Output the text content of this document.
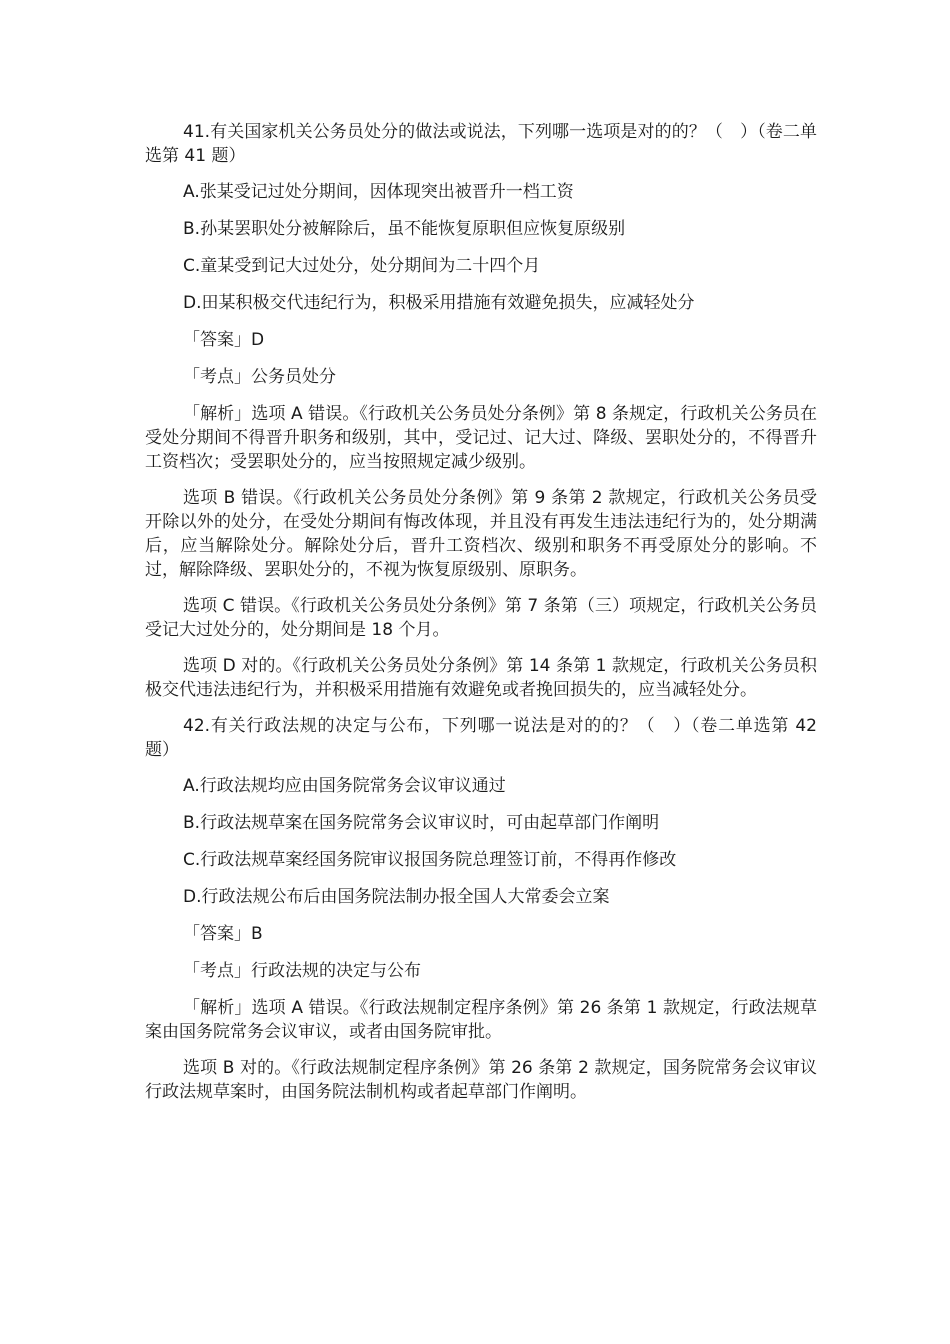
41.有关国家机关公务员处分的做法或说法，下列哪一选项是对的的？（　）（卷二单选第 41 题）

A.张某受记过处分期间，因体现突出被晋升一档工资
B.孙某罢职处分被解除后，虽不能恢复原职但应恢复原级别
C.童某受到记大过处分，处分期间为二十四个月
D.田某积极交代违纪行为，积极采用措施有效避免损失，应减轻处分
「答案」D
「考点」公务员处分

「解析」选项 A 错误。《行政机关公务员处分条例》第 8 条规定，行政机关公务员在受处分期间不得晋升职务和级别，其中，受记过、记大过、降级、罢职处分的，不得晋升工资档次；受罢职处分的，应当按照规定减少级别。

选项 B 错误。《行政机关公务员处分条例》第 9 条第 2 款规定，行政机关公务员受开除以外的处分，在受处分期间有悔改体现，并且没有再发生违法违纪行为的，处分期满后，应当解除处分。解除处分后，晋升工资档次、级别和职务不再受原处分的影响。不过，解除降级、罢职处分的，不视为恢复原级别、原职务。

选项 C 错误。《行政机关公务员处分条例》第 7 条第（三）项规定，行政机关公务员受记大过处分的，处分期间是 18 个月。

选项 D 对的。《行政机关公务员处分条例》第 14 条第 1 款规定，行政机关公务员积极交代违法违纪行为，并积极采用措施有效避免或者挽回损失的，应当减轻处分。

42.有关行政法规的决定与公布，下列哪一说法是对的的？（　）（卷二单选第 42 题）

A.行政法规均应由国务院常务会议审议通过
B.行政法规草案在国务院常务会议审议时，可由起草部门作阐明
C.行政法规草案经国务院审议报国务院总理签订前，不得再作修改
D.行政法规公布后由国务院法制办报全国人大常委会立案
「答案」B
「考点」行政法规的决定与公布

「解析」选项 A 错误。《行政法规制定程序条例》第 26 条第 1 款规定，行政法规草案由国务院常务会议审议，或者由国务院审批。

选项 B 对的。《行政法规制定程序条例》第 26 条第 2 款规定，国务院常务会议审议行政法规草案时，由国务院法制机构或者起草部门作阐明。
